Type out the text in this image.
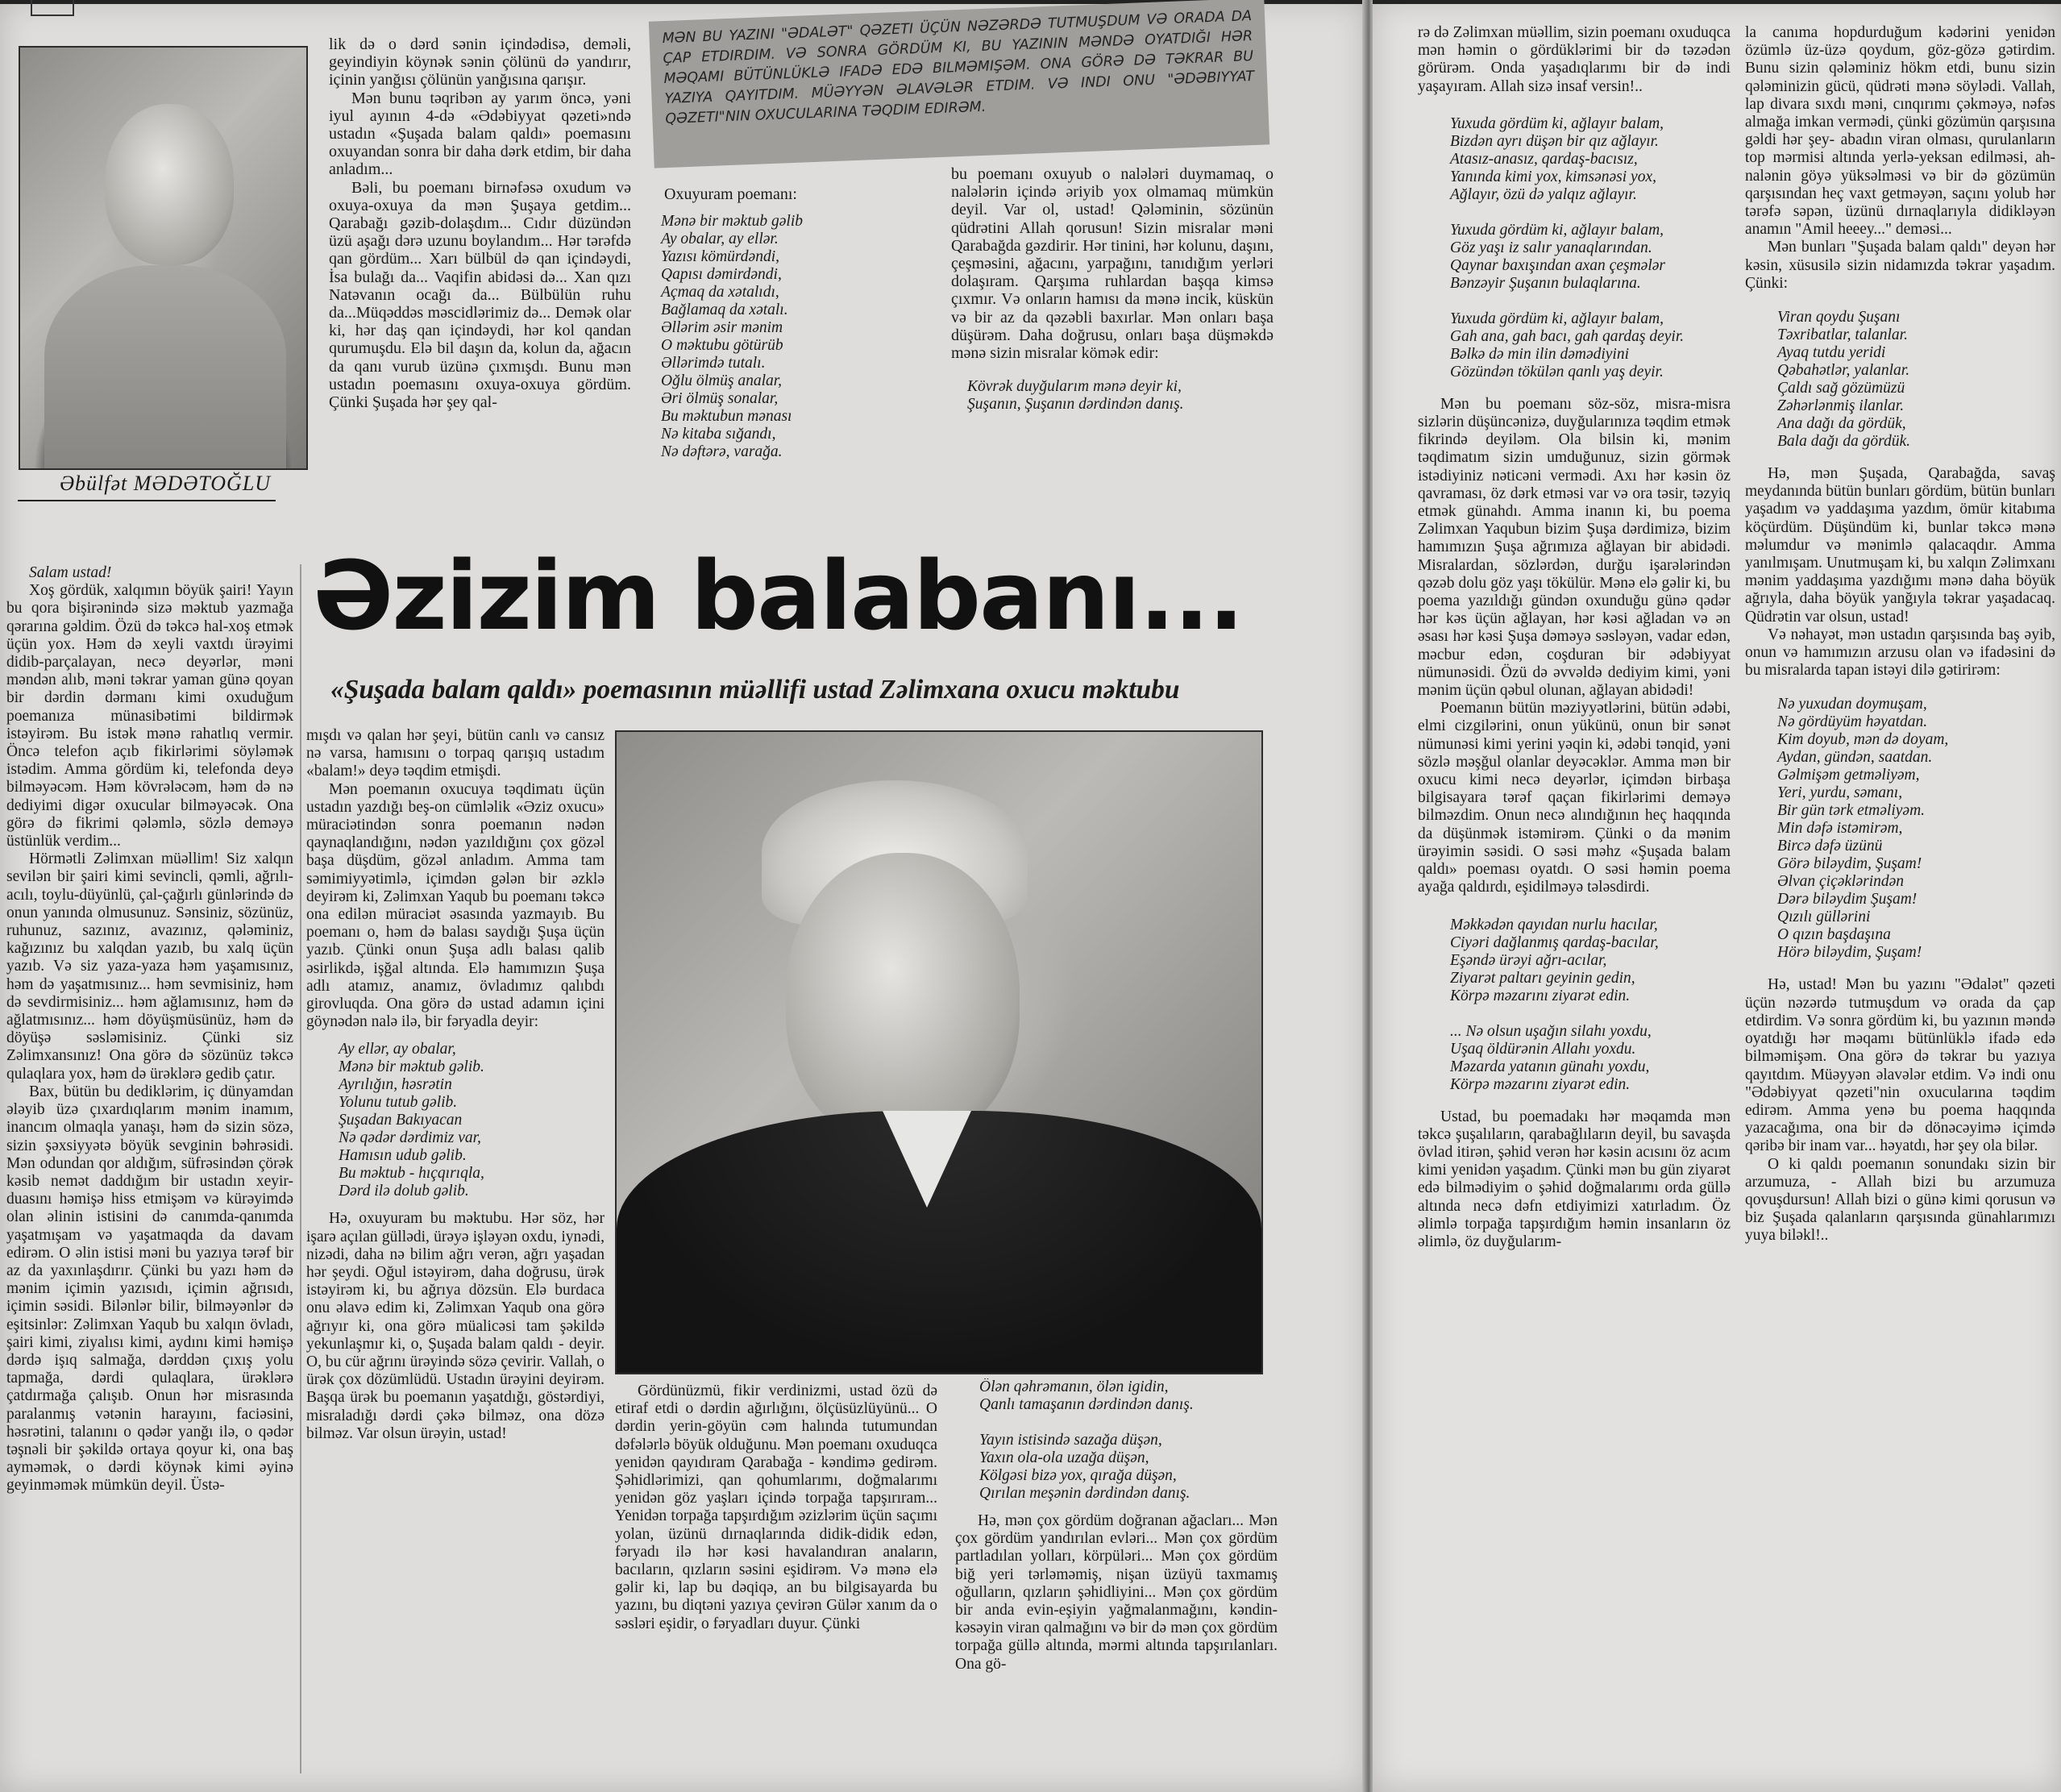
Əbülfət MƏDƏTOĞLU
MƏN BU YAZINI "ƏDALƏT" QƏZETI ÜÇÜN NƏZƏRDƏ TUTMUŞDUM VƏ ORADA DA ÇAP ETDIRDIM. VƏ SONRA GÖRDÜM KI, BU YAZININ MƏNDƏ OYATDIĞI HƏR MƏQAMI BÜTÜNLÜKLƏ IFADƏ EDƏ BILMƏMIŞƏM. ONA GÖRƏ DƏ TƏKRAR BU YAZIYA QAYITDIM. MÜƏYYƏN ƏLAVƏLƏR ETDIM. VƏ INDI ONU "ƏDƏBIYYAT QƏZETI"NIN OXUCULARINA TƏQDIM EDIRƏM.

lik də o dərd sənin içindədisə, deməli, geyindiyin köynək sənin çölünü də yandırır, içinin yanğısı çölünün yanğısına qarışır.

Mən bunu təqribən ay yarım öncə, yəni iyul ayının 4-də «Ədəbiyyat qəzeti»ndə ustadın «Şuşada balam qaldı» poemasını oxuyandan sonra bir daha dərk etdim, bir daha anladım...

Bəli, bu poemanı birnəfəsə oxudum və oxuya-oxuya da mən Şuşaya getdim... Qarabağı gəzib-dolaşdım... Cıdır düzündən üzü aşağı dərə uzunu boylandım... Hər tərəfdə qan gördüm... Xarı bülbül də qan içindəydi, İsa bulağı da... Vaqifin abidəsi də... Xan qızı Natəvanın ocağı da... Bülbülün ruhu da...Müqəddəs məscidlərimiz də... Demək olar ki, hər daş qan içindəydi, hər kol qandan qurumuşdu. Elə bil daşın da, kolun da, ağacın da qanı vurub üzünə çıxmışdı. Bunu mən ustadın poemasını oxuya-oxuya gördüm. Çünki Şuşada hər şey qal-

Oxuyuram poemanı:

Mənə bir məktub gəlib
Ay obalar, ay ellər.
Yazısı kömürdəndi,
Qapısı dəmirdəndi,
Açmaq da xətalıdı,
Bağlamaq da xətalı.
Əllərim əsir mənim
O məktubu götürüb
Əllərimdə tutalı.
Oğlu ölmüş analar,
Əri ölmüş sonalar,
Bu məktubun mənası
Nə kitaba sığandı,
Nə dəftərə, varağa.

bu poemanı oxuyub o nalələri duymamaq, o nalələrin içində əriyib yox olmamaq mümkün deyil. Var ol, ustad! Qələminin, sözünün qüdrətini Allah qorusun! Sizin misralar məni Qarabağda gəzdirir. Hər tinini, hər kolunu, daşını, çeşməsini, ağacını, yarpağını, tanıdığım yerləri dolaşıram. Qarşıma ruhlardan başqa kimsə çıxmır. Və onların hamısı da mənə incik, küskün və bir az da qəzəbli baxırlar. Mən onları başa düşürəm. Daha doğrusu, onları başa düşməkdə mənə sizin misralar kömək edir:

Kövrək duyğularım mənə deyir ki,
Şuşanın, Şuşanın dərdindən danış.
Əzizim balabanı...
«Şuşada balam qaldı» poemasının müəllifi ustad Zəlimxana oxucu məktubu

Salam ustad!

Xoş gördük, xalqımın böyük şairi! Yayın bu qora bişirənində sizə məktub yazmağa qərarına gəldim. Özü də təkcə hal-xoş etmək üçün yox. Həm də xeyli vaxtdı ürəyimi didib-parçalayan, necə deyərlər, məni məndən alıb, məni təkrar yaman günə qoyan bir dərdin dərmanı kimi oxuduğum poemanıza münasibətimi bildirmək istəyirəm. Bu istək mənə rahatlıq vermir. Öncə telefon açıb fikirlərimi söyləmək istədim. Amma gördüm ki, telefonda deyə bilməyəcəm. Həm kövrələcəm, həm də nə dediyimi digər oxucular bilməyəcək. Ona görə də fikrimi qələmlə, sözlə deməyə üstünlük verdim...

Hörmətli Zəlimxan müəllim! Siz xalqın sevilən bir şairi kimi sevincli, qəmli, ağrılı-acılı, toylu-düyünlü, çal-çağırlı günlərində də onun yanında olmusunuz. Sənsiniz, sözünüz, ruhunuz, sazınız, avazınız, qələminiz, kağızınız bu xalqdan yazıb, bu xalq üçün yazıb. Və siz yaza-yaza həm yaşamısınız, həm də yaşatmısınız... həm sevmisiniz, həm də sevdirmisiniz... həm ağlamısınız, həm də ağlatmısınız... həm döyüşmüsünüz, həm də döyüşə səsləmisiniz. Çünki siz Zəlimxansınız! Ona görə də sözünüz təkcə qulaqlara yox, həm də ürəklərə gedib çatır.

Bax, bütün bu dediklərim, iç dünyamdan ələyib üzə çıxardıqlarım mənim inamım, inancım olmaqla yanaşı, həm də sizin sözə, sizin şəxsiyyətə böyük sevginin bəhrəsidi. Mən odundan qor aldığım, süfrəsindən çörək kəsib nemət daddığım bir ustadın xeyir-duasını həmişə hiss etmişəm və kürəyimdə olan əlinin istisini də canımda-qanımda yaşatmışam və yaşatmaqda da davam edirəm. O əlin istisi məni bu yazıya tərəf bir az da yaxınlaşdırır. Çünki bu yazı həm də mənim içimin yazısıdı, içimin ağrısıdı, içimin səsidi. Bilənlər bilir, bilməyənlər də eşitsinlər: Zəlimxan Yaqub bu xalqın övladı, şairi kimi, ziyalısı kimi, aydını kimi həmişə dərdə işıq salmağa, dərddən çıxış yolu tapmağa, dərdi qulaqlara, ürəklərə çatdırmağa çalışıb. Onun hər misrasında paralanmış vətənin harayını, faciəsini, həsrətini, talanını o qədər yanğı ilə, o qədər təşnəli bir şəkildə ortaya qoyur ki, ona baş ayməmək, o dərdi köynək kimi əyinə geyinməmək mümkün deyil. Üstə-

mışdı və qalan hər şeyi, bütün canlı və cansız nə varsa, hamısını o torpaq qarışıq ustadım «balam!» deyə təqdim etmişdi.

Mən poemanın oxucuya təqdimatı üçün ustadın yazdığı beş-on cümləlik «Əziz oxucu» müraciətindən sonra poemanın nədən qaynaqlandığını, nədən yazıldığını çox gözəl başa düşdüm, gözəl anladım. Amma tam səmimiyyətimlə, içimdən gələn bir əzklə deyirəm ki, Zəlimxan Yaqub bu poemanı təkcə ona edilən müraciət əsasında yazmayıb. Bu poemanı o, həm də balası saydığı Şuşa üçün yazıb. Çünki onun Şuşa adlı balası qalib əsirlikdə, işğal altında. Elə hamımızın Şuşa adlı atamız, anamız, övladımız qalıbdı girovluqda. Ona görə də ustad adamın içini göynədən nalə ilə, bir fəryadla deyir:

Ay ellər, ay obalar,
Mənə bir məktub gəlib.
Ayrılığın, həsrətin
Yolunu tutub gəlib.
Şuşadan Bakıyacan
Nə qədər dərdimiz var,
Hamısın udub gəlib.
Bu məktub - hıçqırıqla,
Dərd ilə dolub gəlib.

Hə, oxuyuram bu məktubu. Hər söz, hər işarə açılan güllədi, ürəyə işləyən oxdu, iynədi, nizədi, daha nə bilim ağrı verən, ağrı yaşadan hər şeydi. Oğul istəyirəm, daha doğrusu, ürək istəyirəm ki, bu ağrıya dözsün. Elə burdaca onu əlavə edim ki, Zəlimxan Yaqub ona görə ağrıyır ki, ona görə müalicəsi tam şəkildə yekunlaşmır ki, o, Şuşada balam qaldı - deyir. O, bu cür ağrını ürəyində sözə çevirir. Vallah, o ürək çox dözümlüdü. Ustadın ürəyini deyirəm. Başqa ürək bu poemanın yaşatdığı, göstərdiyi, misraladığı dərdi çəkə bilməz, ona dözə bilməz. Var olsun ürəyin, ustad!

Gördünüzmü, fikir verdinizmi, ustad özü də etiraf etdi o dərdin ağırlığını, ölçüsüzlüyünü... O dərdin yerin-göyün cəm halında tutumundan dəfələrlə böyük olduğunu. Mən poemanı oxuduqca yenidən qayıdıram Qarabağa - kəndimə gedirəm. Şəhidlərimizi, qan qohumlarımı, doğmalarımı yenidən göz yaşları içində torpağa tapşırıram... Yenidən torpağa tapşırdığım əzizlərim üçün saçımı yolan, üzünü dırnaqlarında didik-didik edən, fəryadı ilə hər kəsi havalandıran anaların, bacıların, qızların səsini eşidirəm. Və mənə elə gəlir ki, lap bu dəqiqə, an bu bilgisayarda bu yazını, bu diqtəni yazıya çevirən Gülər xanım da o səsləri eşidir, o fəryadları duyur. Çünki

Ölən qəhrəmanın, ölən igidin,
Qanlı tamaşanın dərdindən danış.

Yayın istisində sazağa düşən,
Yaxın ola-ola uzağa düşən,
Kölgəsi bizə yox, qırağa düşən,
Qırılan meşənin dərdindən danış.

Hə, mən çox gördüm doğranan ağacları... Mən çox gördüm yandırılan evləri... Mən çox gördüm partladılan yolları, körpüləri... Mən çox gördüm biğ yeri tərləməmiş, nişan üzüyü taxmamış oğulların, qızların şəhidliyini... Mən çox gördüm bir anda evin-eşiyin yağmalanmağını, kəndin-kəsəyin viran qalmağını və bir də mən çox gördüm torpağa güllə altında, mərmi altında tapşırılanları. Ona gö-

rə də Zəlimxan müəllim, sizin poemanı oxuduqca mən həmin o gördüklərimi bir də təzədən görürəm. Onda yaşadıqlarımı bir də indi yaşayıram. Allah sizə insaf versin!..

Yuxuda gördüm ki, ağlayır balam,
Bizdən ayrı düşən bir qız ağlayır.
Atasız-anasız, qardaş-bacısız,
Yanında kimi yox, kimsənəsi yox,
Ağlayır, özü də yalqız ağlayır.

Yuxuda gördüm ki, ağlayır balam,
Göz yaşı iz salır yanaqlarından.
Qaynar baxışından axan çeşmələr
Bənzəyir Şuşanın bulaqlarına.

Yuxuda gördüm ki, ağlayır balam,
Gah ana, gah bacı, gah qardaş deyir.
Bəlkə də min ilin dəmədiyini
Gözündən tökülən qanlı yaş deyir.

Mən bu poemanı söz-söz, misra-misra sizlərin düşüncənizə, duyğularınıza təqdim etmək fikrində deyiləm. Ola bilsin ki, mənim təqdimatım sizin umduğunuz, sizin görmək istədiyiniz nəticəni vermədi. Axı hər kəsin öz qavraması, öz dərk etməsi var və ora təsir, təzyiq etmək günahdı. Amma inanın ki, bu poema Zəlimxan Yaqubun bizim Şuşa dərdimizə, bizim hamımızın Şuşa ağrımıza ağlayan bir abidədi. Misralardan, sözlərdən, durğu işarələrindən qəzəb dolu göz yaşı tökülür. Mənə elə gəlir ki, bu poema yazıldığı gündən oxunduğu günə qədər hər kəs üçün ağlayan, hər kəsi ağladan və ən əsası hər kəsi Şuşa dəməyə səsləyən, vadar edən, məcbur edən, coşduran bir ədəbiyyat nümunəsidi. Özü də əvvəldə dediyim kimi, yəni mənim üçün qəbul olunan, ağlayan abidədi!

Poemanın bütün məziyyətlərini, bütün ədəbi, elmi cizgilərini, onun yükünü, onun bir sənət nümunəsi kimi yerini yəqin ki, ədəbi tənqid, yəni sözlə məşğul olanlar deyəcəklər. Amma mən bir oxucu kimi necə deyərlər, içimdən birbaşa bilgisayara tərəf qaçan fikirlərimi deməyə bilməzdim. Onun necə alındığının heç haqqında da düşünmək istəmirəm. Çünki o da mənim ürəyimin səsidi. O səsi məhz «Şuşada balam qaldı» poeması oyatdı. O səsi həmin poema ayağa qaldırdı, eşidilməyə tələsdirdi.

Məkkədən qayıdan nurlu hacılar,
Ciyəri dağlanmış qardaş-bacılar,
Eşəndə ürəyi ağrı-acılar,
Ziyarət paltarı geyinin gedin,
Körpə məzarını ziyarət edin.

... Nə olsun uşağın silahı yoxdu,
Uşaq öldürənin Allahı yoxdu.
Məzarda yatanın günahı yoxdu,
Körpə məzarını ziyarət edin.

Ustad, bu poemadakı hər məqamda mən təkcə şuşalıların, qarabağlıların deyil, bu savaşda övlad itirən, şəhid verən hər kəsin acısını öz acım kimi yenidən yaşadım. Çünki mən bu gün ziyarət edə bilmədiyim o şəhid doğmalarımı orda güllə altında necə dəfn etdiyimizi xatırladım. Öz əlimlə torpağa tapşırdığım həmin insanların öz əlimlə, öz duyğularım-

la canıma hopdurduğum kədərini yenidən özümlə üz-üzə qoydum, göz-gözə gətirdim. Bunu sizin qələminiz hökm etdi, bunu sizin qələminizin gücü, qüdrəti mənə söylədi. Vallah, lap divara sıxdı məni, cınqırımı çəkməyə, nəfəs almağa imkan vermədi, çünki gözümün qarşısına gəldi hər şey- abadın viran olması, qurulanların top mərmisi altında yerlə-yeksan edilməsi, ah-nalənin göyə yüksəlməsi və bir də gözümün qarşısından heç vaxt getməyən, saçını yolub hər tərəfə səpən, üzünü dırnaqlarıyla didikləyən anamın "Amil heeey..." deməsi...

Mən bunları "Şuşada balam qaldı" deyən hər kəsin, xüsusilə sizin nidamızda təkrar yaşadım. Çünki:

Viran qoydu Şuşanı
Təxribatlar, talanlar.
Ayaq tutdu yeridi
Qəbahətlər, yalanlar.
Çaldı sağ gözümüzü
Zəhərlənmiş ilanlar.
Ana dağı da gördük,
Bala dağı da gördük.

Hə, mən Şuşada, Qarabağda, savaş meydanında bütün bunları gördüm, bütün bunları yaşadım və yaddaşıma yazdım, ömür kitabıma köçürdüm. Düşündüm ki, bunlar təkcə mənə məlumdur və mənimlə qalacaqdır. Amma yanılmışam. Unutmuşam ki, bu xalqın Zəlimxanı mənim yaddaşıma yazdığımı mənə daha böyük ağrıyla, daha böyük yanğıyla təkrar yaşadacaq. Qüdrətin var olsun, ustad!

Və nəhayət, mən ustadın qarşısında baş əyib, onun və hamımızın arzusu olan və ifadəsini də bu misralarda tapan istəyi dilə gətirirəm:

Nə yuxudan doymuşam,
Nə gördüyüm həyatdan.
Kim doyub, mən də doyam,
Aydan, gündən, saatdan.
Gəlmişəm getməliyəm,
Yeri, yurdu, səmanı,
Bir gün tərk etməliyəm.
Min dəfə istəmirəm,
Bircə dəfə üzünü
Görə biləydim, Şuşam!
Əlvan çiçəklərindən
Dərə biləydim Şuşam!
Qızılı güllərini
O qızın başdaşına
Hörə biləydim, Şuşam!

Hə, ustad! Mən bu yazını "Ədalət" qəzeti üçün nəzərdə tutmuşdum və orada da çap etdirdim. Və sonra gördüm ki, bu yazının məndə oyatdığı hər məqamı bütünlüklə ifadə edə bilməmişəm. Ona görə də təkrar bu yazıya qayıtdım. Müəyyən əlavələr etdim. Və indi onu "Ədəbiyyat qəzeti"nin oxucularına təqdim edirəm. Amma yenə bu poema haqqında yazacağıma, ona bir də dönəcəyimə içimdə qəribə bir inam var... həyatdı, hər şey ola bilər.

O ki qaldı poemanın sonundakı sizin bir arzumuza, - Allah bizi bu arzumuza qovuşdursun! Allah bizi o günə kimi qorusun və biz Şuşada qalanların qarşısında günahlarımızı yuya biləkl!..
